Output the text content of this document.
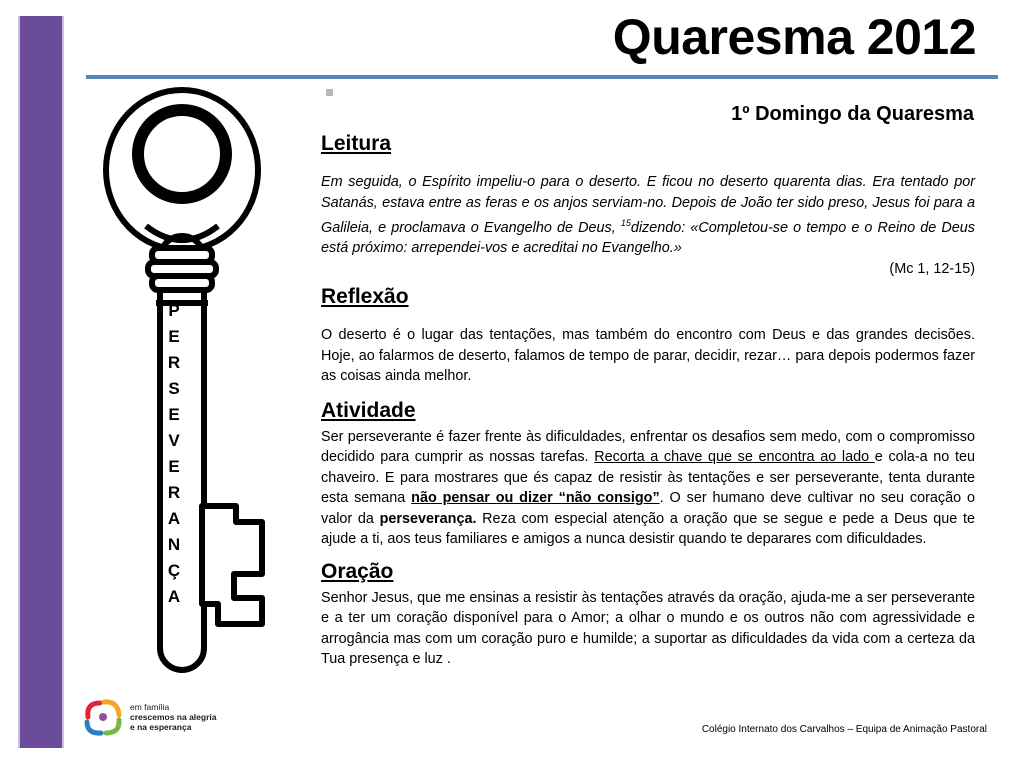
Quaresma 2012
P
E
R
S
E
V
E
R
A
N
Ç
A
1º Domingo da Quaresma
Leitura

Em seguida, o Espírito impeliu-o para o deserto. E ficou no deserto quarenta dias. Era tentado por Satanás, estava entre as feras e os anjos serviam-no. Depois de João ter sido preso, Jesus foi para a Galileia, e proclamava o Evangelho de Deus, $^{15}$dizendo: «Completou-se o tempo e o Reino de Deus está próximo: arrependei-vos e acreditai no Evangelho.»

(Mc 1, 12-15)

Reflexão

O deserto é o lugar das tentações, mas também do encontro com Deus e das grandes decisões. Hoje, ao falarmos de deserto, falamos de tempo de parar, decidir, rezar… para depois podermos fazer as coisas ainda melhor.

Atividade

Ser perseverante é fazer frente às dificuldades, enfrentar os desafios sem medo, com o compromisso decidido para cumprir as nossas tarefas. Recorta a chave que se encontra ao lado e cola-a no teu chaveiro. E para mostrares que és capaz de resistir às tentações e ser perseverante, tenta durante esta semana não pensar ou dizer “não consigo”. O ser humano deve cultivar no seu coração o valor da perseverança. Reza com especial atenção a oração que se segue e pede a Deus que te ajude a ti, aos teus familiares e amigos a nunca desistir quando te deparares com dificuldades.

Oração

Senhor Jesus, que me ensinas a resistir às tentações através da oração, ajuda-me a ser perseverante e a ter um coração disponível para o Amor; a olhar o mundo e os outros não com agressividade e arrogância mas com um coração puro e humilde; a suportar as dificuldades da vida com a certeza da Tua presença e luz .

em família
crescemos na alegria
e na esperança	Colégio Internato dos Carvalhos – Equipa de Animação Pastoral
